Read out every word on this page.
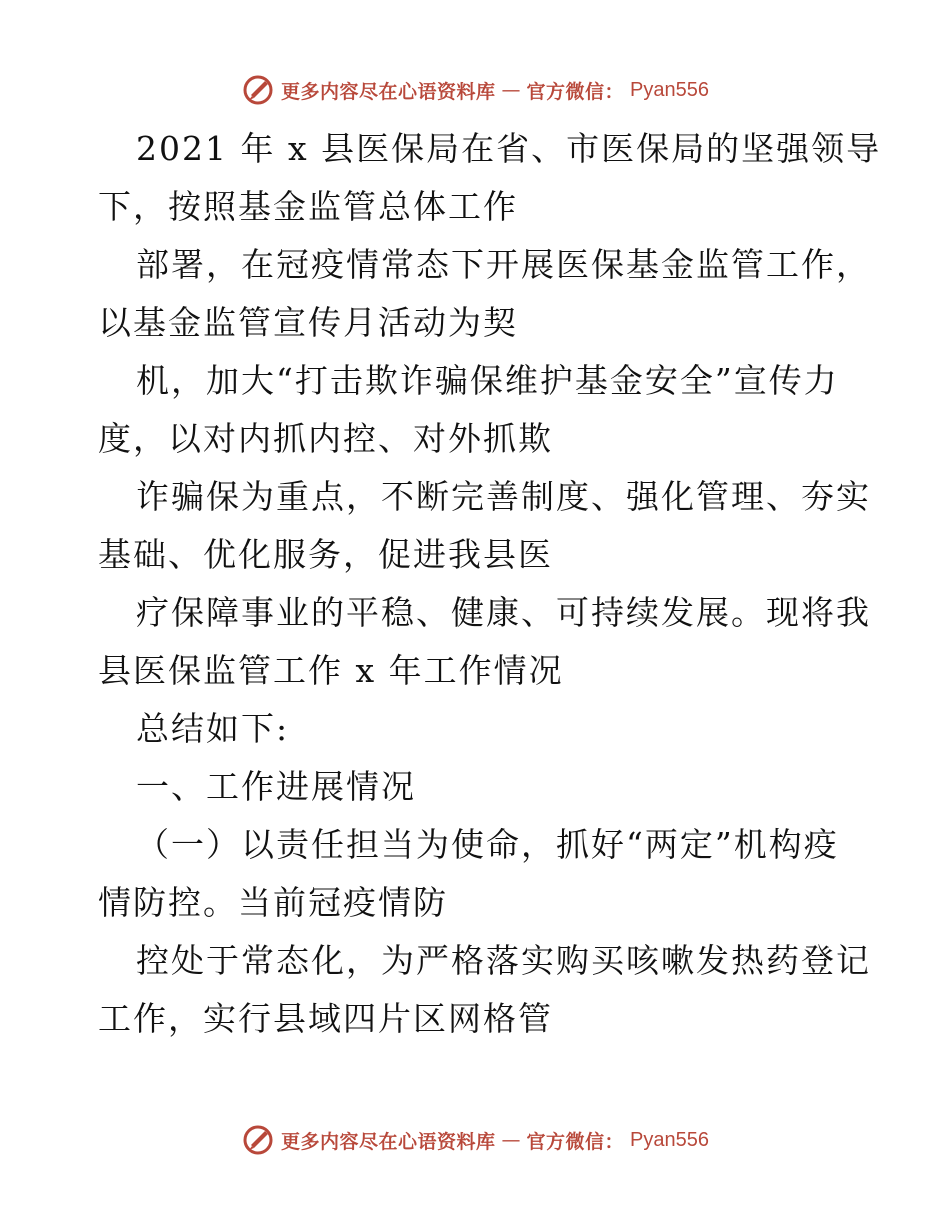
更多内容尽在心语资料库 — 官方微信： Pyan556
2021 年 x 县医保局在省、市医保局的坚强领导
下，按照基金监管总体工作
部署，在冠疫情常态下开展医保基金监管工作，
以基金监管宣传月活动为契
机，加大“打击欺诈骗保维护基金安全”宣传力
度，以对内抓内控、对外抓欺
诈骗保为重点，不断完善制度、强化管理、夯实
基础、优化服务，促进我县医
疗保障事业的平稳、健康、可持续发展。现将我
县医保监管工作 x 年工作情况
总结如下:
一、工作进展情况
（一）以责任担当为使命，抓好“两定”机构疫
情防控。当前冠疫情防
控处于常态化，为严格落实购买咳嗽发热药登记
工作，实行县域四片区网格管
更多内容尽在心语资料库 — 官方微信： Pyan556
